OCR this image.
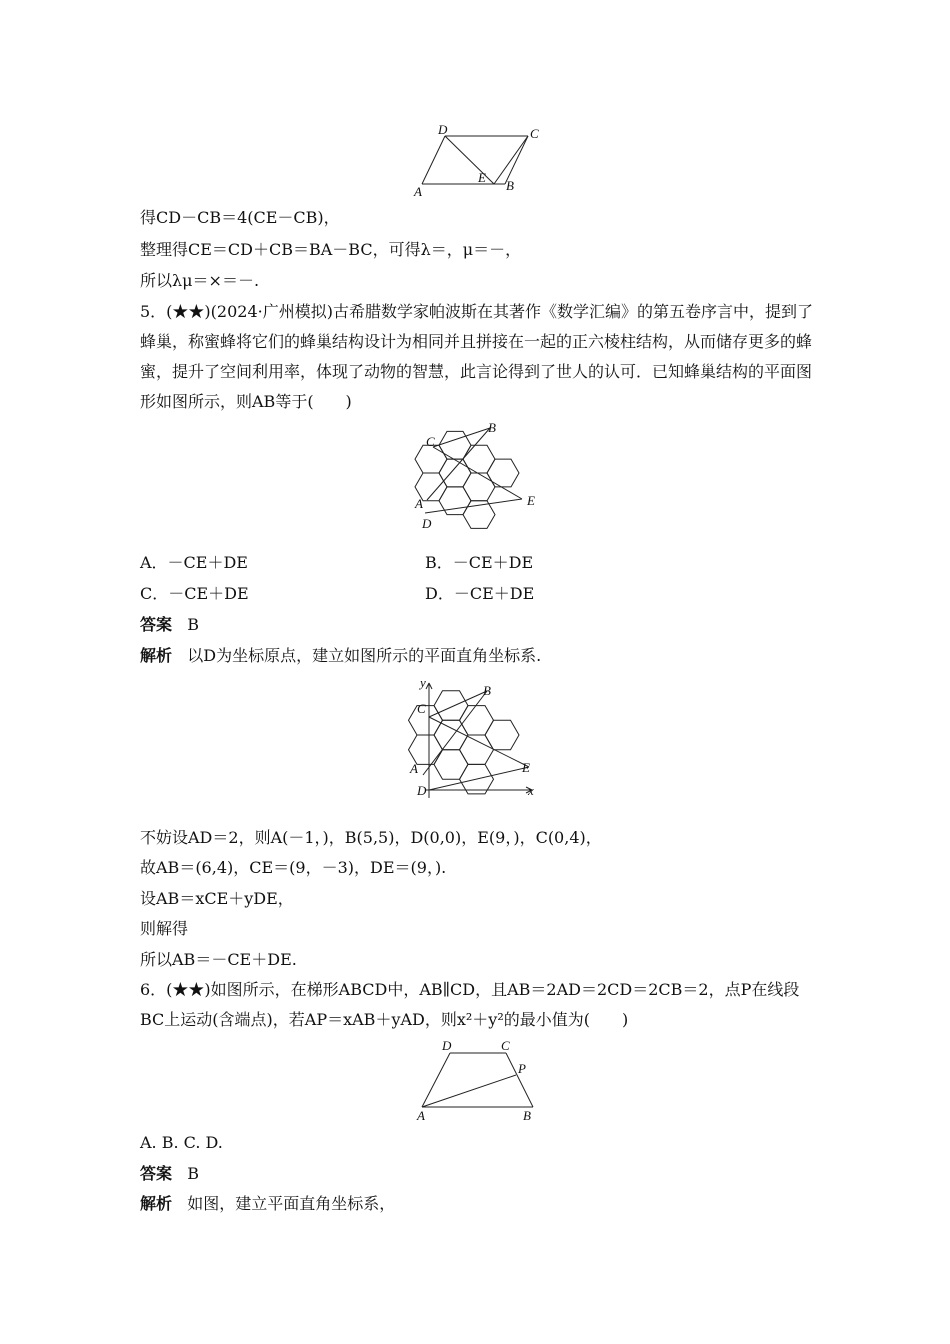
D	C
A
E
B
得CD－CB＝4(CE－CB)，
整理得CE＝CD＋CB＝BA－BC，可得λ＝，μ＝－，
所以λμ＝×＝－.
5．(★★)(2024·广州模拟)古希腊数学家帕波斯在其著作《数学汇编》的第五卷序言中，提到了蜂巢，称蜜蜂将它们的蜂巢结构设计为相同并且拼接在一起的正六棱柱结构，从而储存更多的蜂蜜，提升了空间利用率，体现了动物的智慧，此言论得到了世人的认可．已知蜂巢结构的平面图形如图所示，则AB等于(　　)
C
B
A	E
D
A．－CE＋DE	B．－CE＋DE
C．－CE＋DE	D．－CE＋DE
答案 B
解析 以D为坐标原点，建立如图所示的平面直角坐标系.
y
x
B
C
A	E
D
不妨设AD＝2，则A(－1，)，B(5,5)，D(0,0)，E(9，)，C(0,4)，
故AB＝(6,4)，CE＝(9，－3)，DE＝(9，).
设AB＝xCE＋yDE，
则解得
所以AB＝－CE＋DE.
6．(★★)如图所示，在梯形ABCD中，AB∥CD，且AB＝2AD＝2CD＝2CB＝2，点P在线段BC上运动(含端点)，若AP＝xAB＋yAD，则x²＋y²的最小值为(　　)
D	C
P
A	B
A. B. C. D.
答案 B
解析 如图，建立平面直角坐标系，
